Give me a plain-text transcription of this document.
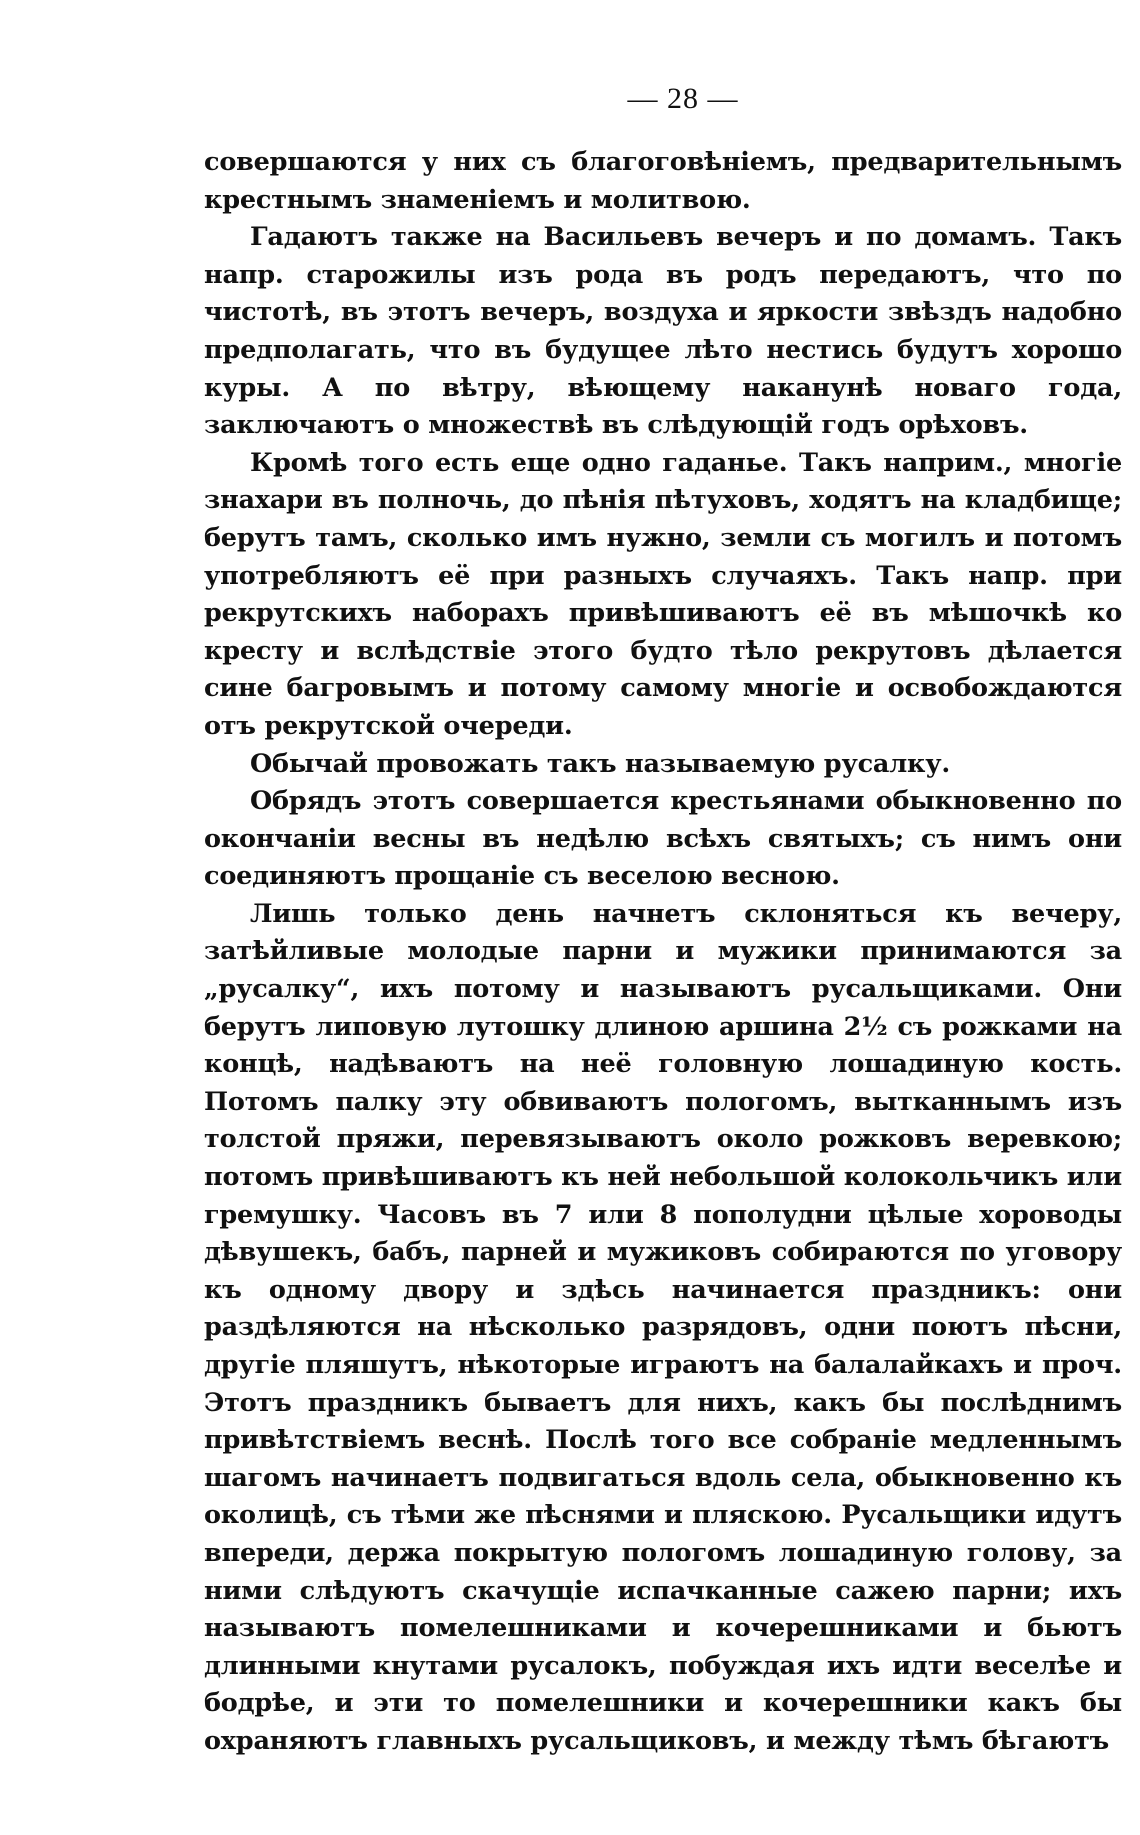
— 28 —

совершаются у них съ благоговѣніемъ, предварительнымъ крестнымъ знаменіемъ и молитвою.

Гадаютъ также на Васильевъ вечеръ и по домамъ. Такъ напр. старожилы изъ рода въ родъ передаютъ, что по чистотѣ, въ этотъ вечеръ, воздуха и яркости звѣздъ надобно предполагать, что въ будущее лѣто нестись будутъ хорошо куры. А по вѣтру, вѣющему наканунѣ новаго года, заключаютъ о множествѣ въ слѣдующій годъ орѣховъ.

Кромѣ того есть еще одно гаданье. Такъ наприм., многіе знахари въ полночь, до пѣнія пѣтуховъ, ходятъ на кладбище; берутъ тамъ, сколько имъ нужно, земли съ могилъ и потомъ употребляютъ её при разныхъ случаяхъ. Такъ напр. при рекрутскихъ наборахъ привѣшиваютъ её въ мѣшочкѣ ко кресту и вслѣдствіе этого будто тѣло рекрутовъ дѣлается сине багровымъ и потому самому многіе и освобождаются отъ рекрутской очереди.

Обычай провожать такъ называемую русалку.

Обрядъ этотъ совершается крестьянами обыкновенно по окончаніи весны въ недѣлю всѣхъ святыхъ; съ нимъ они соединяютъ прощаніе съ веселою весною.

Лишь только день начнетъ склоняться къ вечеру, затѣйливые молодые парни и мужики принимаются за „русалку“, ихъ потому и называютъ русальщиками. Они берутъ липовую лутошку длиною аршина 2½ съ рожками на концѣ, надѣваютъ на неё головную лошадиную кость. Потомъ палку эту обвиваютъ пологомъ, вытканнымъ изъ толстой пряжи, перевязываютъ около рожковъ веревкою; потомъ привѣшиваютъ къ ней небольшой колокольчикъ или гремушку. Часовъ въ 7 или 8 пополудни цѣлые хороводы дѣвушекъ, бабъ, парней и мужиковъ собираются по уговору къ одному двору и здѣсь начинается праздникъ: они раздѣляются на нѣсколько разрядовъ, одни поютъ пѣсни, другіе пляшутъ, нѣкоторые играютъ на балалайкахъ и проч. Этотъ праздникъ бываетъ для нихъ, какъ бы послѣднимъ привѣтствіемъ веснѣ. Послѣ того все собраніе медленнымъ шагомъ начинаетъ подвигаться вдоль села, обыкновенно къ околицѣ, съ тѣми же пѣснями и пляскою. Русальщики идутъ впереди, держа покрытую пологомъ лошадиную голову, за ними слѣдуютъ скачущіе испачканные сажею парни; ихъ называютъ помелешниками и кочерешниками и бьютъ длинными кнутами русалокъ, побуждая ихъ идти веселѣе и бодрѣе, и эти то помелешники и кочерешники какъ бы охраняютъ главныхъ русальщиковъ, и между тѣмъ бѣгаютъ
